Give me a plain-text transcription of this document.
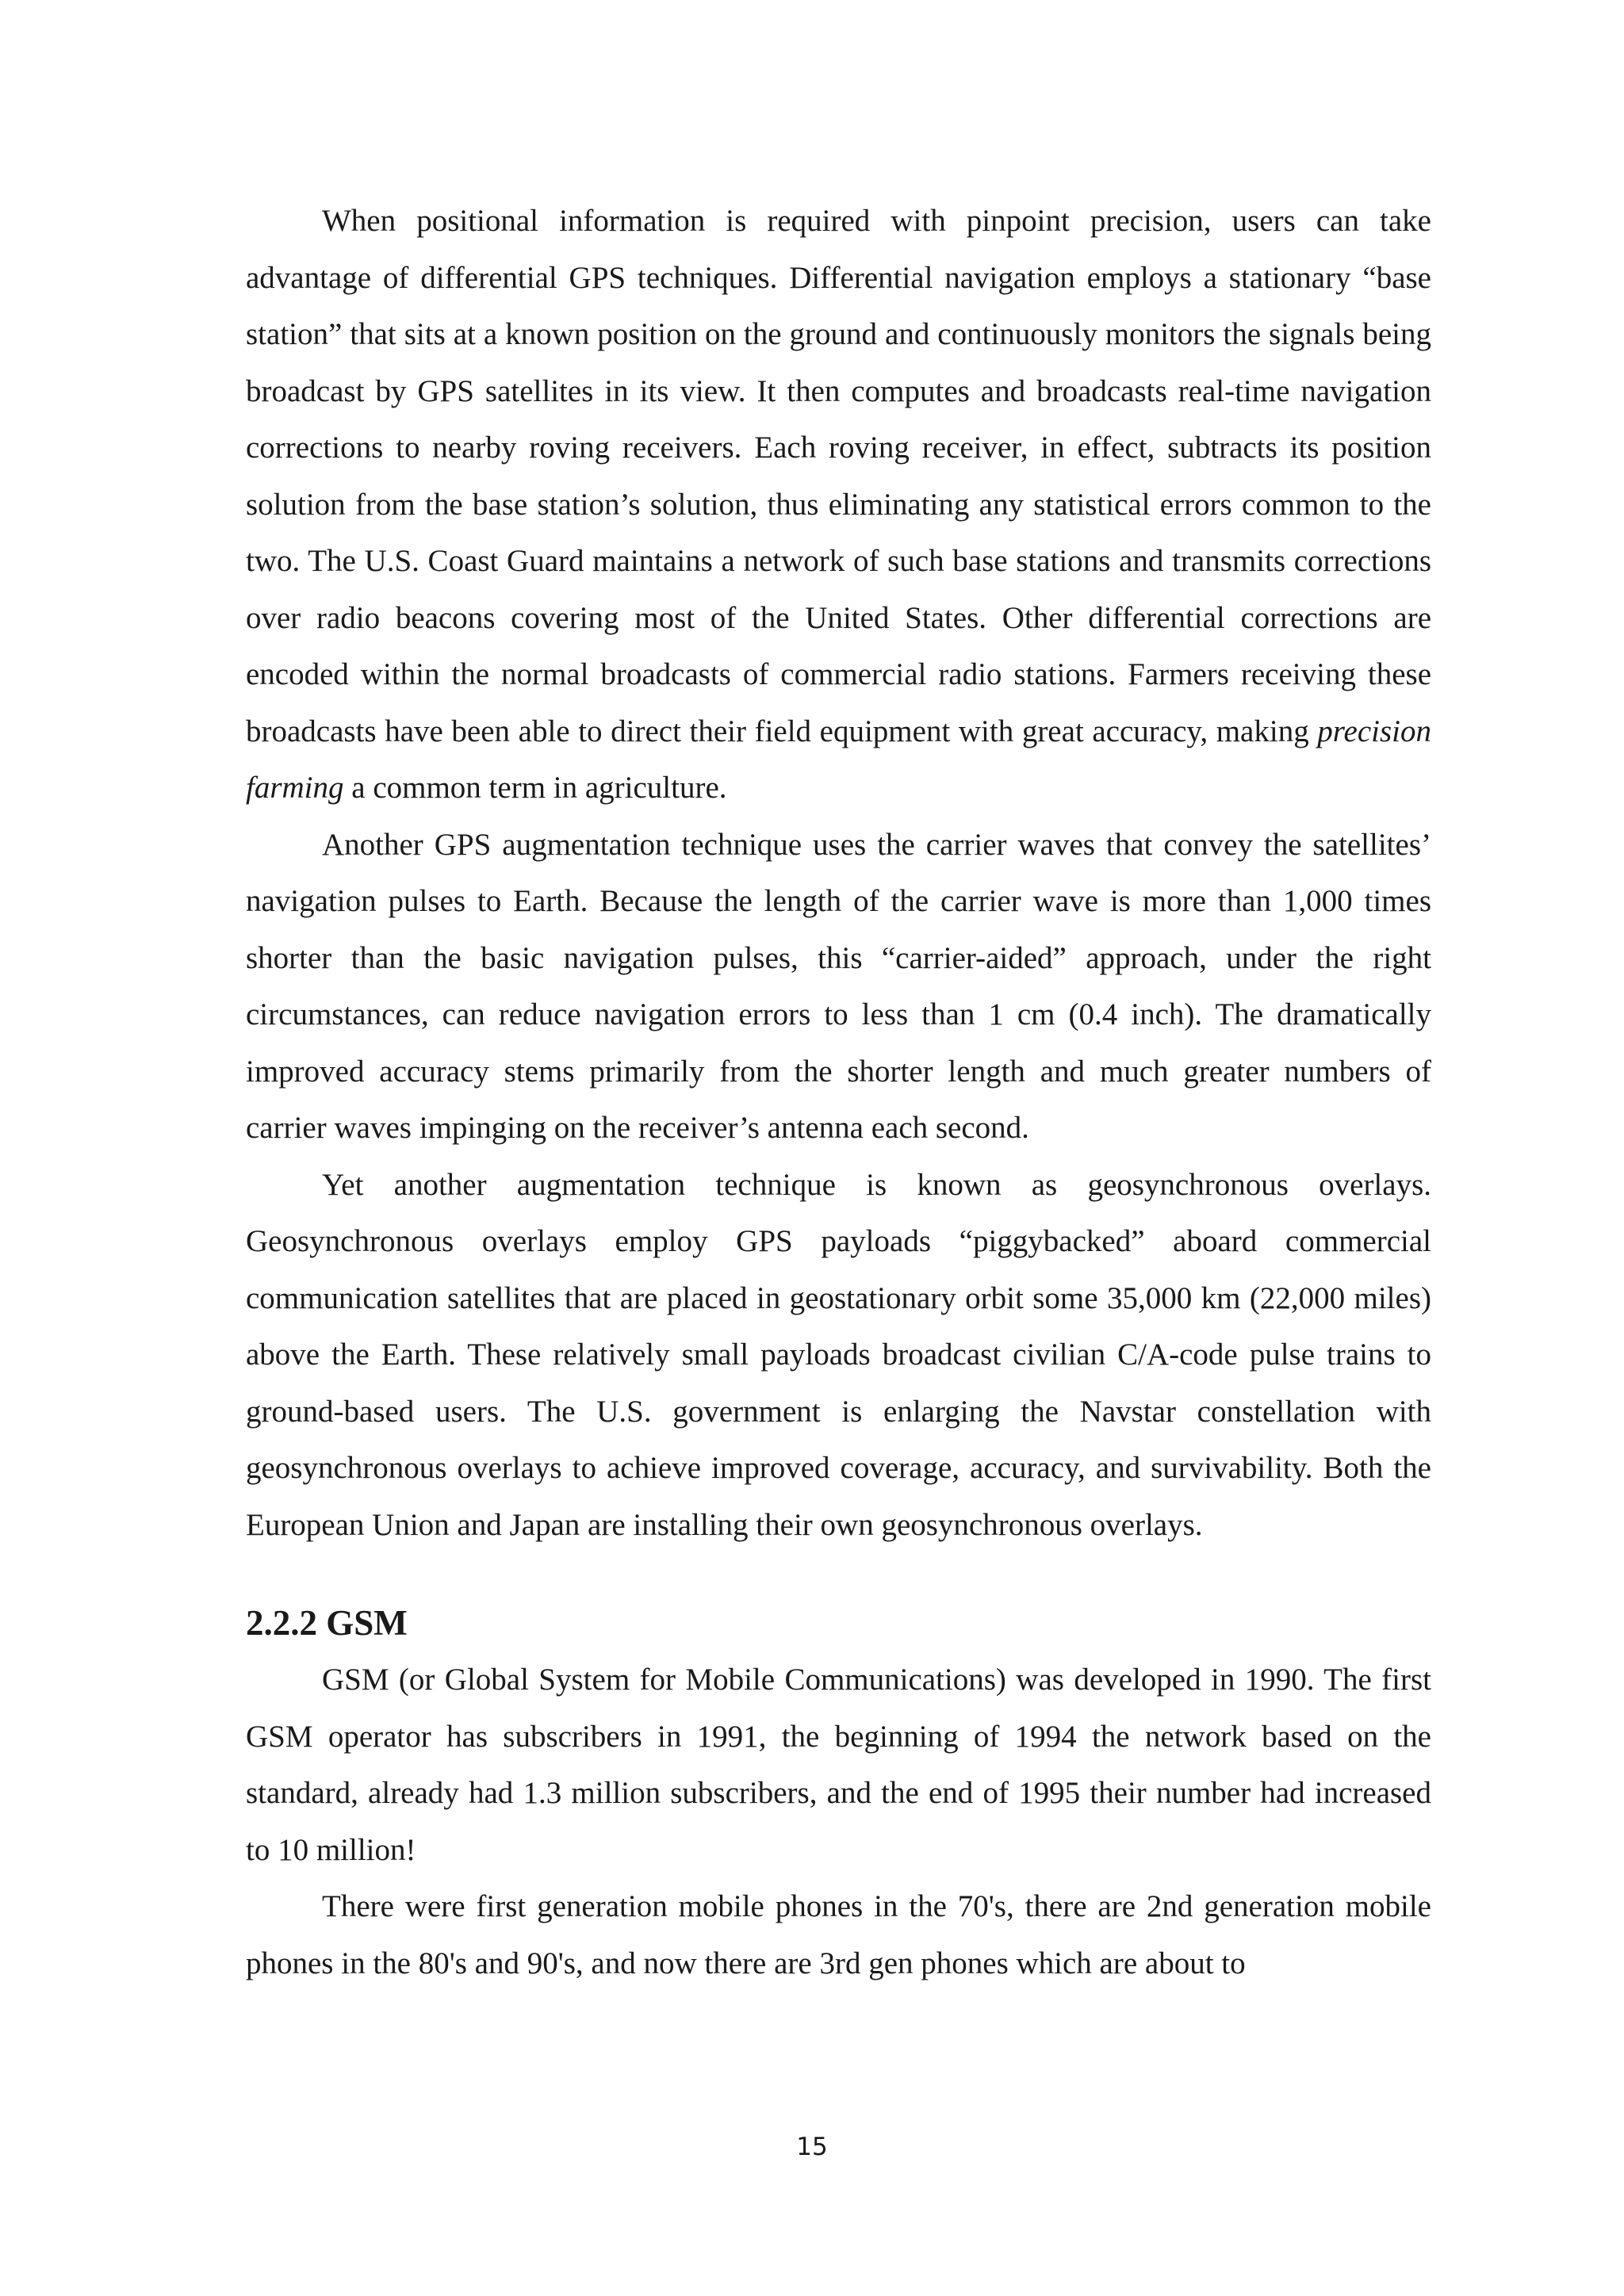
When positional information is required with pinpoint precision, users can take advantage of differential GPS techniques. Differential navigation employs a stationary “base station” that sits at a known position on the ground and continuously monitors the signals being broadcast by GPS satellites in its view. It then computes and broadcasts real-time navigation corrections to nearby roving receivers. Each roving receiver, in effect, subtracts its position solution from the base station’s solution, thus eliminating any statistical errors common to the two. The U.S. Coast Guard maintains a network of such base stations and transmits corrections over radio beacons covering most of the United States. Other differential corrections are encoded within the normal broadcasts of commercial radio stations. Farmers receiving these broadcasts have been able to direct their field equipment with great accuracy, making precision farming a common term in agriculture.

Another GPS augmentation technique uses the carrier waves that convey the satellites’ navigation pulses to Earth. Because the length of the carrier wave is more than 1,000 times shorter than the basic navigation pulses, this “carrier-aided” approach, under the right circumstances, can reduce navigation errors to less than 1 cm (0.4 inch). The dramatically improved accuracy stems primarily from the shorter length and much greater numbers of carrier waves impinging on the receiver’s antenna each second.

Yet another augmentation technique is known as geosynchronous overlays. Geosynchronous overlays employ GPS payloads “piggybacked” aboard commercial communication satellites that are placed in geostationary orbit some 35,000 km (22,000 miles) above the Earth. These relatively small payloads broadcast civilian C/A-code pulse trains to ground-based users. The U.S. government is enlarging the Navstar constellation with geosynchronous overlays to achieve improved coverage, accuracy, and survivability. Both the European Union and Japan are installing their own geosynchronous overlays.

2.2.2 GSM

GSM (or Global System for Mobile Communications) was developed in 1990. The first GSM operator has subscribers in 1991, the beginning of 1994 the network based on the standard, already had 1.3 million subscribers, and the end of 1995 their number had increased to 10 million!

There were first generation mobile phones in the 70's, there are 2nd generation mobile phones in the 80's and 90's, and now there are 3rd gen phones which are about to

15
